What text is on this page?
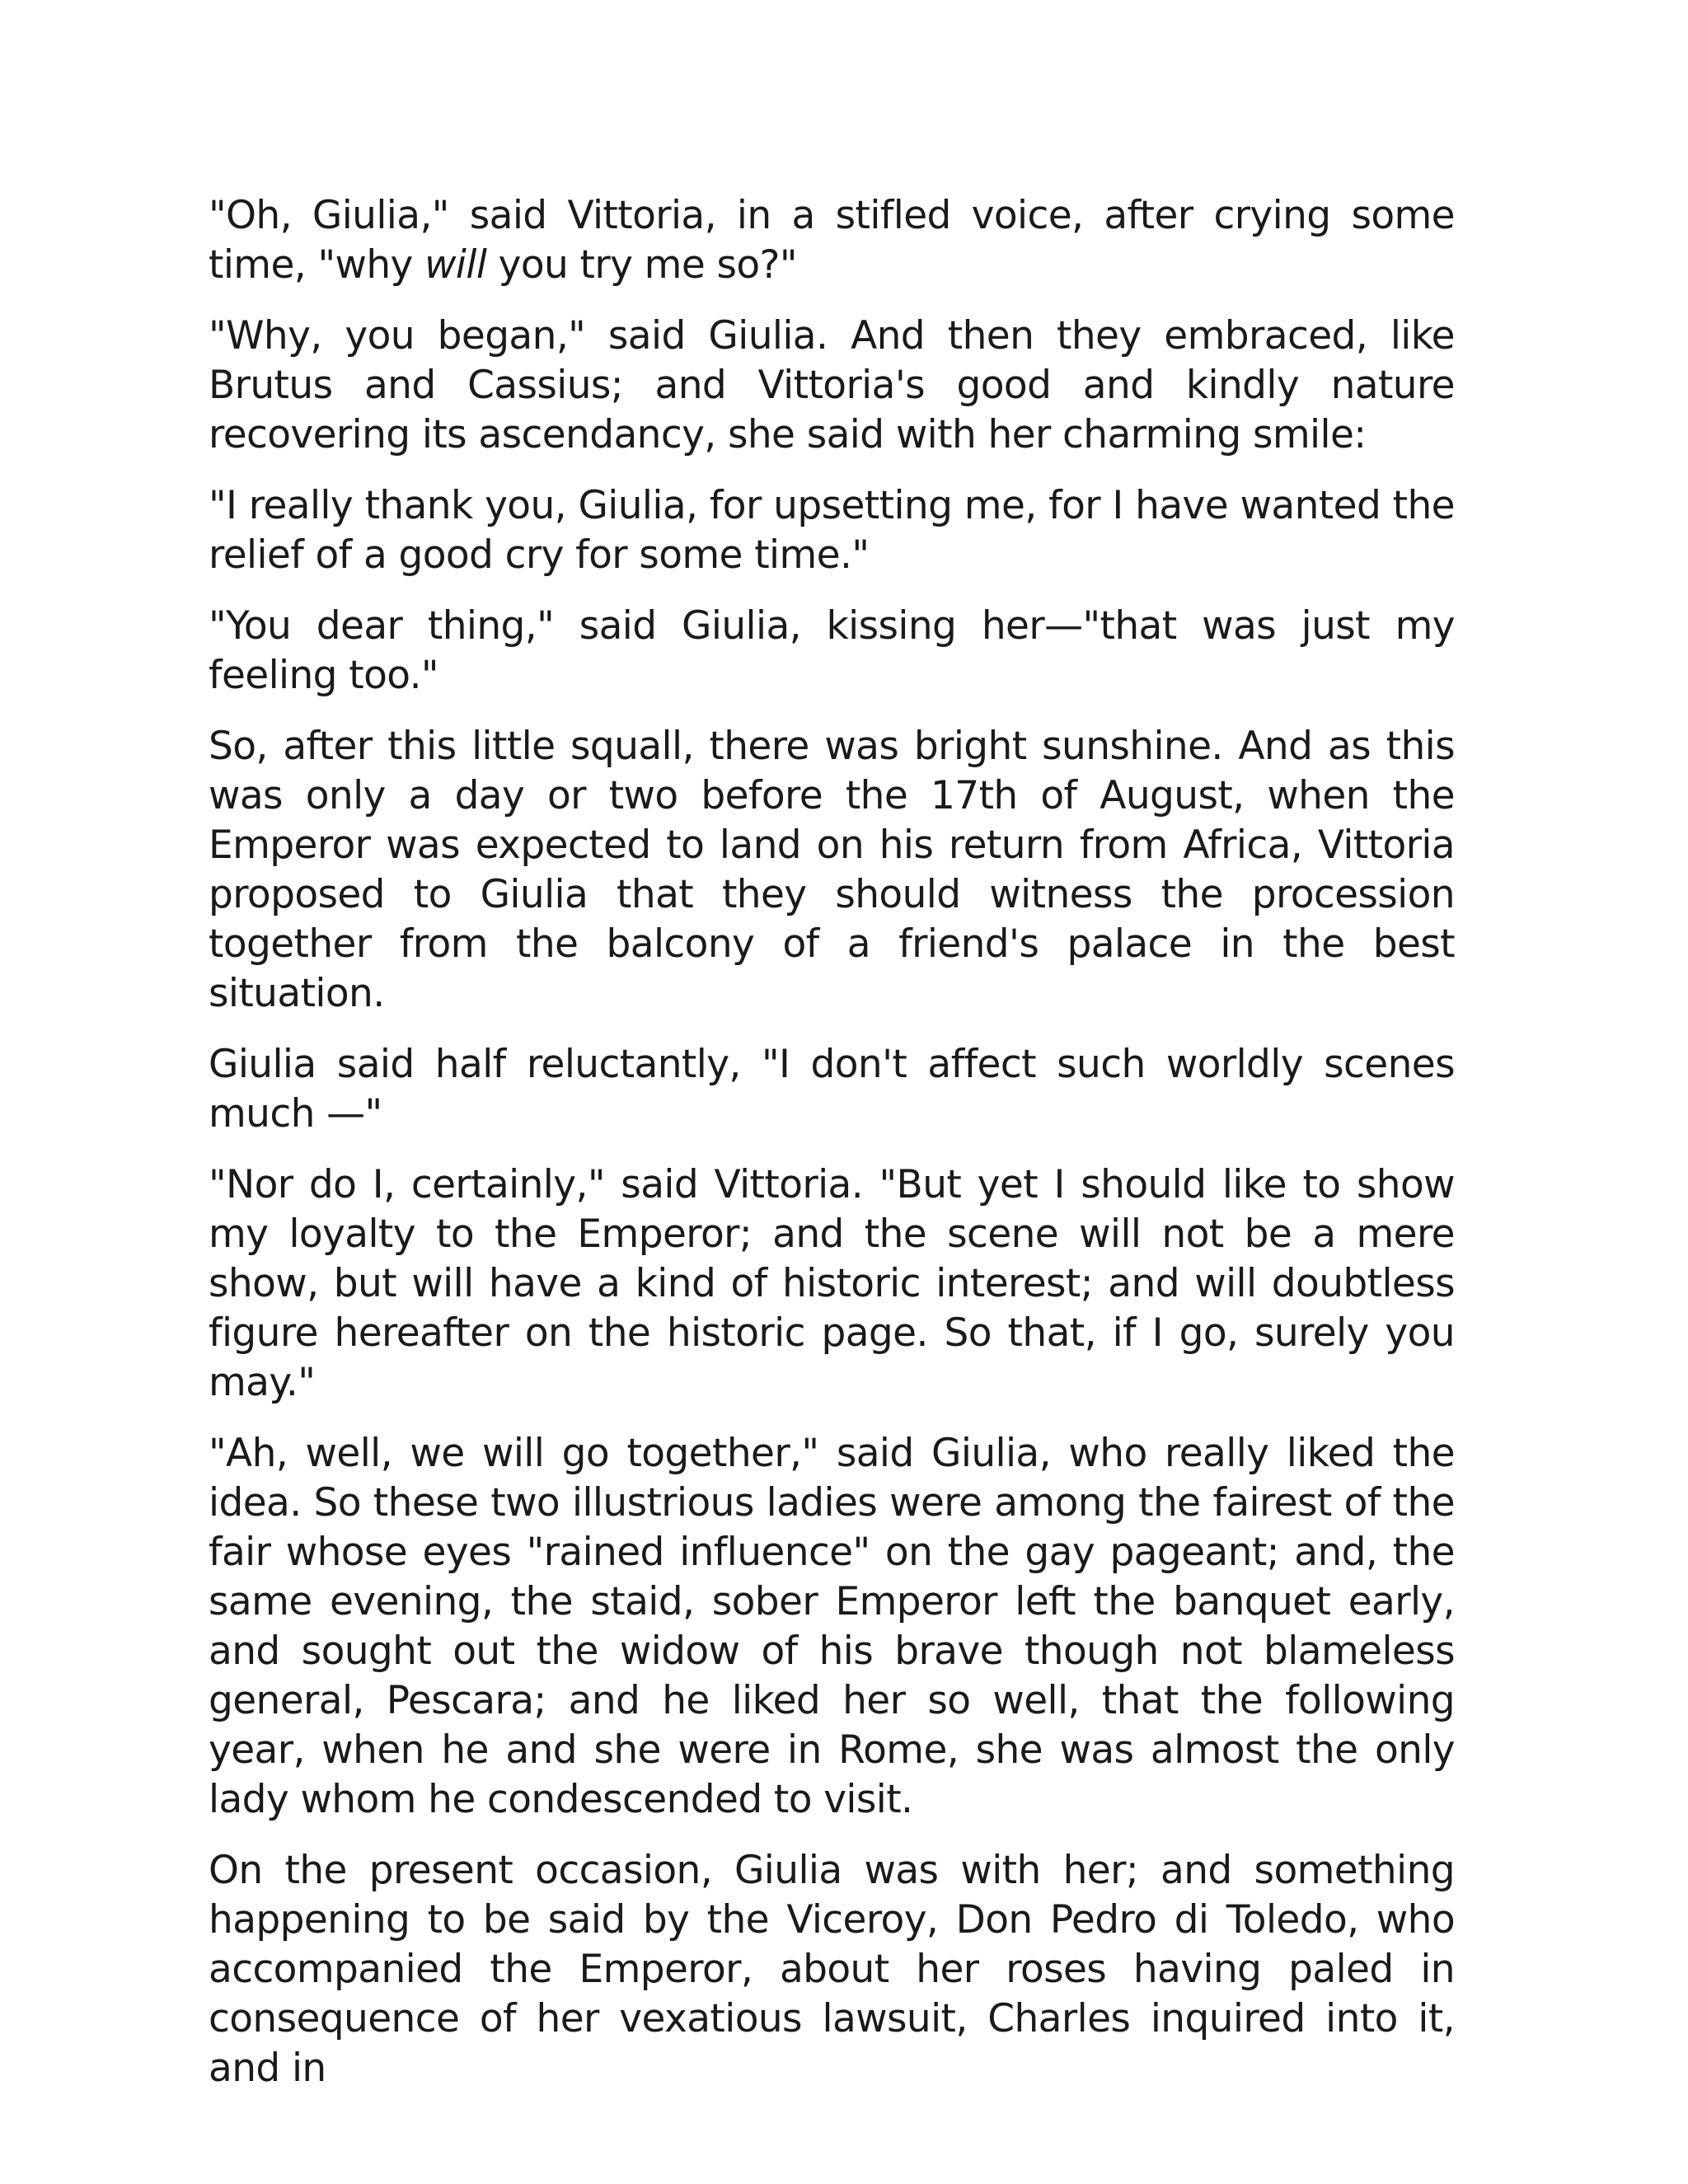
"Oh, Giulia," said Vittoria, in a stifled voice, after crying some time, "why will you try me so?"

"Why, you began," said Giulia. And then they embraced, like Brutus and Cassius; and Vittoria's good and kindly nature recovering its ascendancy, she said with her charming smile:

"I really thank you, Giulia, for upsetting me, for I have wanted the relief of a good cry for some time."

"You dear thing," said Giulia, kissing her—"that was just my feeling too."

So, after this little squall, there was bright sunshine. And as this was only a day or two before the 17th of August, when the Emperor was expected to land on his return from Africa, Vittoria proposed to Giulia that they should witness the procession together from the balcony of a friend's palace in the best situation.

Giulia said half reluctantly, "I don't affect such worldly scenes much —"

"Nor do I, certainly," said Vittoria. "But yet I should like to show my loyalty to the Emperor; and the scene will not be a mere show, but will have a kind of historic interest; and will doubtless figure hereafter on the historic page. So that, if I go, surely you may."

"Ah, well, we will go together," said Giulia, who really liked the idea. So these two illustrious ladies were among the fairest of the fair whose eyes "rained influence" on the gay pageant; and, the same evening, the staid, sober Emperor left the banquet early, and sought out the widow of his brave though not blameless general, Pescara; and he liked her so well, that the following year, when he and she were in Rome, she was almost the only lady whom he condescended to visit.

On the present occasion, Giulia was with her; and something happening to be said by the Viceroy, Don Pedro di Toledo, who accompanied the Emperor, about her roses having paled in consequence of her vexatious lawsuit, Charles inquired into it, and in
